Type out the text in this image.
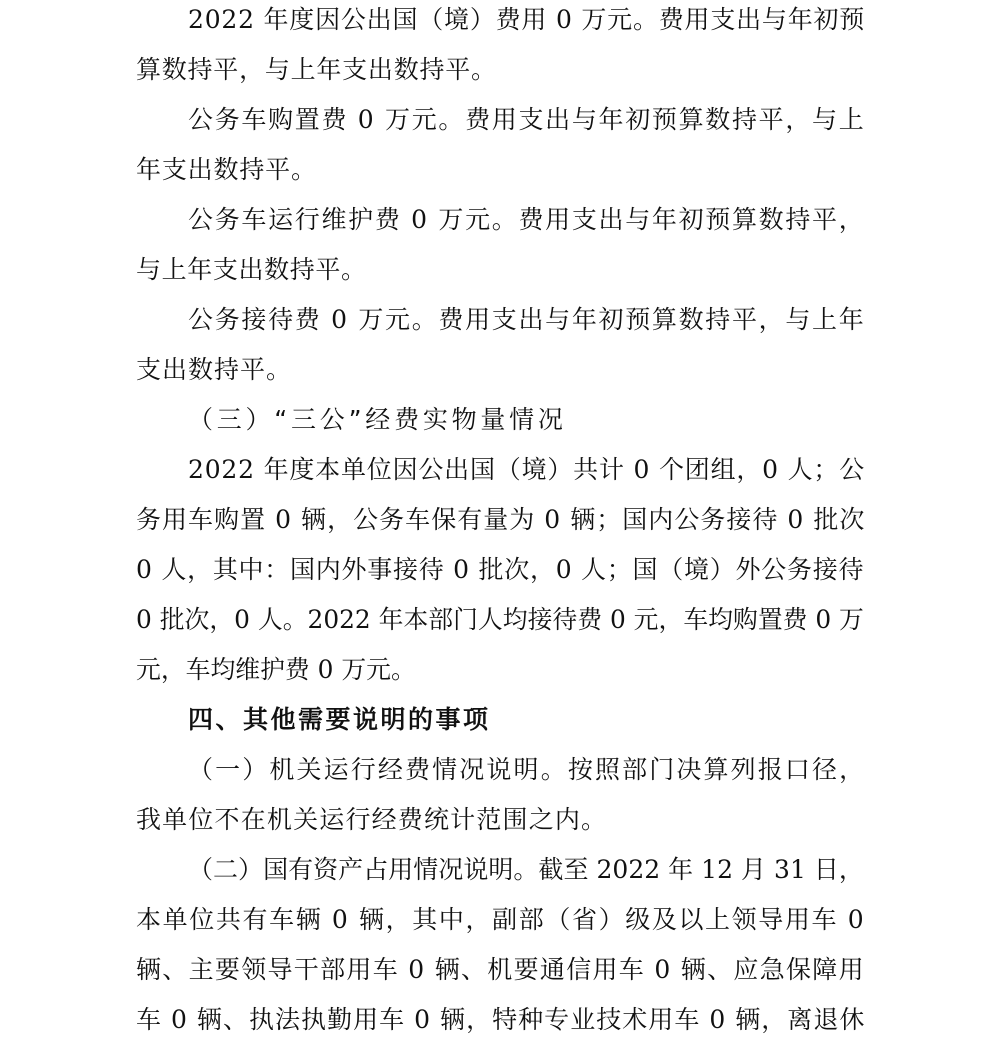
2022 年度因公出国（境）费用 0 万元。费用支出与年初预
算数持平，与上年支出数持平。
公务车购置费 0 万元。费用支出与年初预算数持平，与上
年支出数持平。
公务车运行维护费 0 万元。费用支出与年初预算数持平，
与上年支出数持平。
公务接待费 0 万元。费用支出与年初预算数持平，与上年
支出数持平。
（三）“三公”经费实物量情况
2022 年度本单位因公出国（境）共计 0 个团组，0 人；公
务用车购置 0 辆，公务车保有量为 0 辆；国内公务接待 0 批次
0 人，其中：国内外事接待 0 批次，0 人；国（境）外公务接待
0 批次，0 人。2022 年本部门人均接待费 0 元，车均购置费 0 万
元，车均维护费 0 万元。
四、其他需要说明的事项
（一）机关运行经费情况说明。按照部门决算列报口径，
我单位不在机关运行经费统计范围之内。
（二）国有资产占用情况说明。截至 2022 年 12 月 31 日，
本单位共有车辆 0 辆，其中，副部（省）级及以上领导用车 0
辆、主要领导干部用车 0 辆、机要通信用车 0 辆、应急保障用
车 0 辆、执法执勤用车 0 辆，特种专业技术用车 0 辆，离退休
